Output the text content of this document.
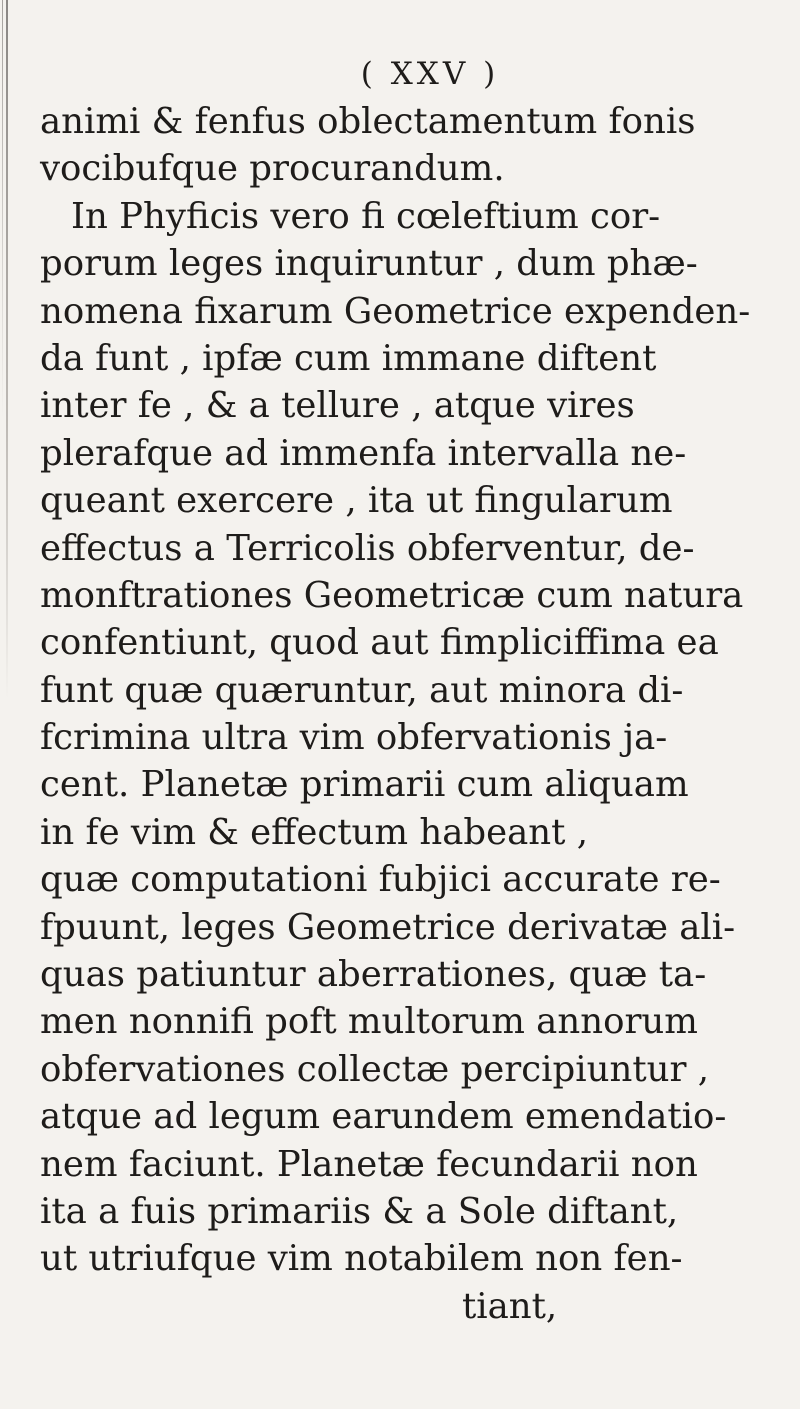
( XXV )
animi & fenfus oblectamentum fonis
vocibufque procurandum.
In Phyficis vero fi cœleftium cor-
porum leges inquiruntur , dum phæ-
nomena fixarum Geometrice expenden-
da funt , ipfæ cum immane diftent
inter fe , & a tellure , atque vires
plerafque ad immenfa intervalla ne-
queant exercere , ita ut fingularum
effectus a Terricolis obferventur, de-
monftrationes Geometricæ cum natura
confentiunt, quod aut fimpliciffima ea
funt quæ quæruntur, aut minora di-
fcrimina ultra vim obfervationis ja-
cent. Planetæ primarii cum aliquam
in fe vim & effectum habeant ,
quæ computationi fubjici accurate re-
fpuunt, leges Geometrice derivatæ ali-
quas patiuntur aberrationes, quæ ta-
men nonnifi poft multorum annorum
obfervationes collectæ percipiuntur ,
atque ad legum earundem emendatio-
nem faciunt. Planetæ fecundarii non
ita a fuis primariis & a Sole diftant,
ut utriufque vim notabilem non fen-
tiant,
